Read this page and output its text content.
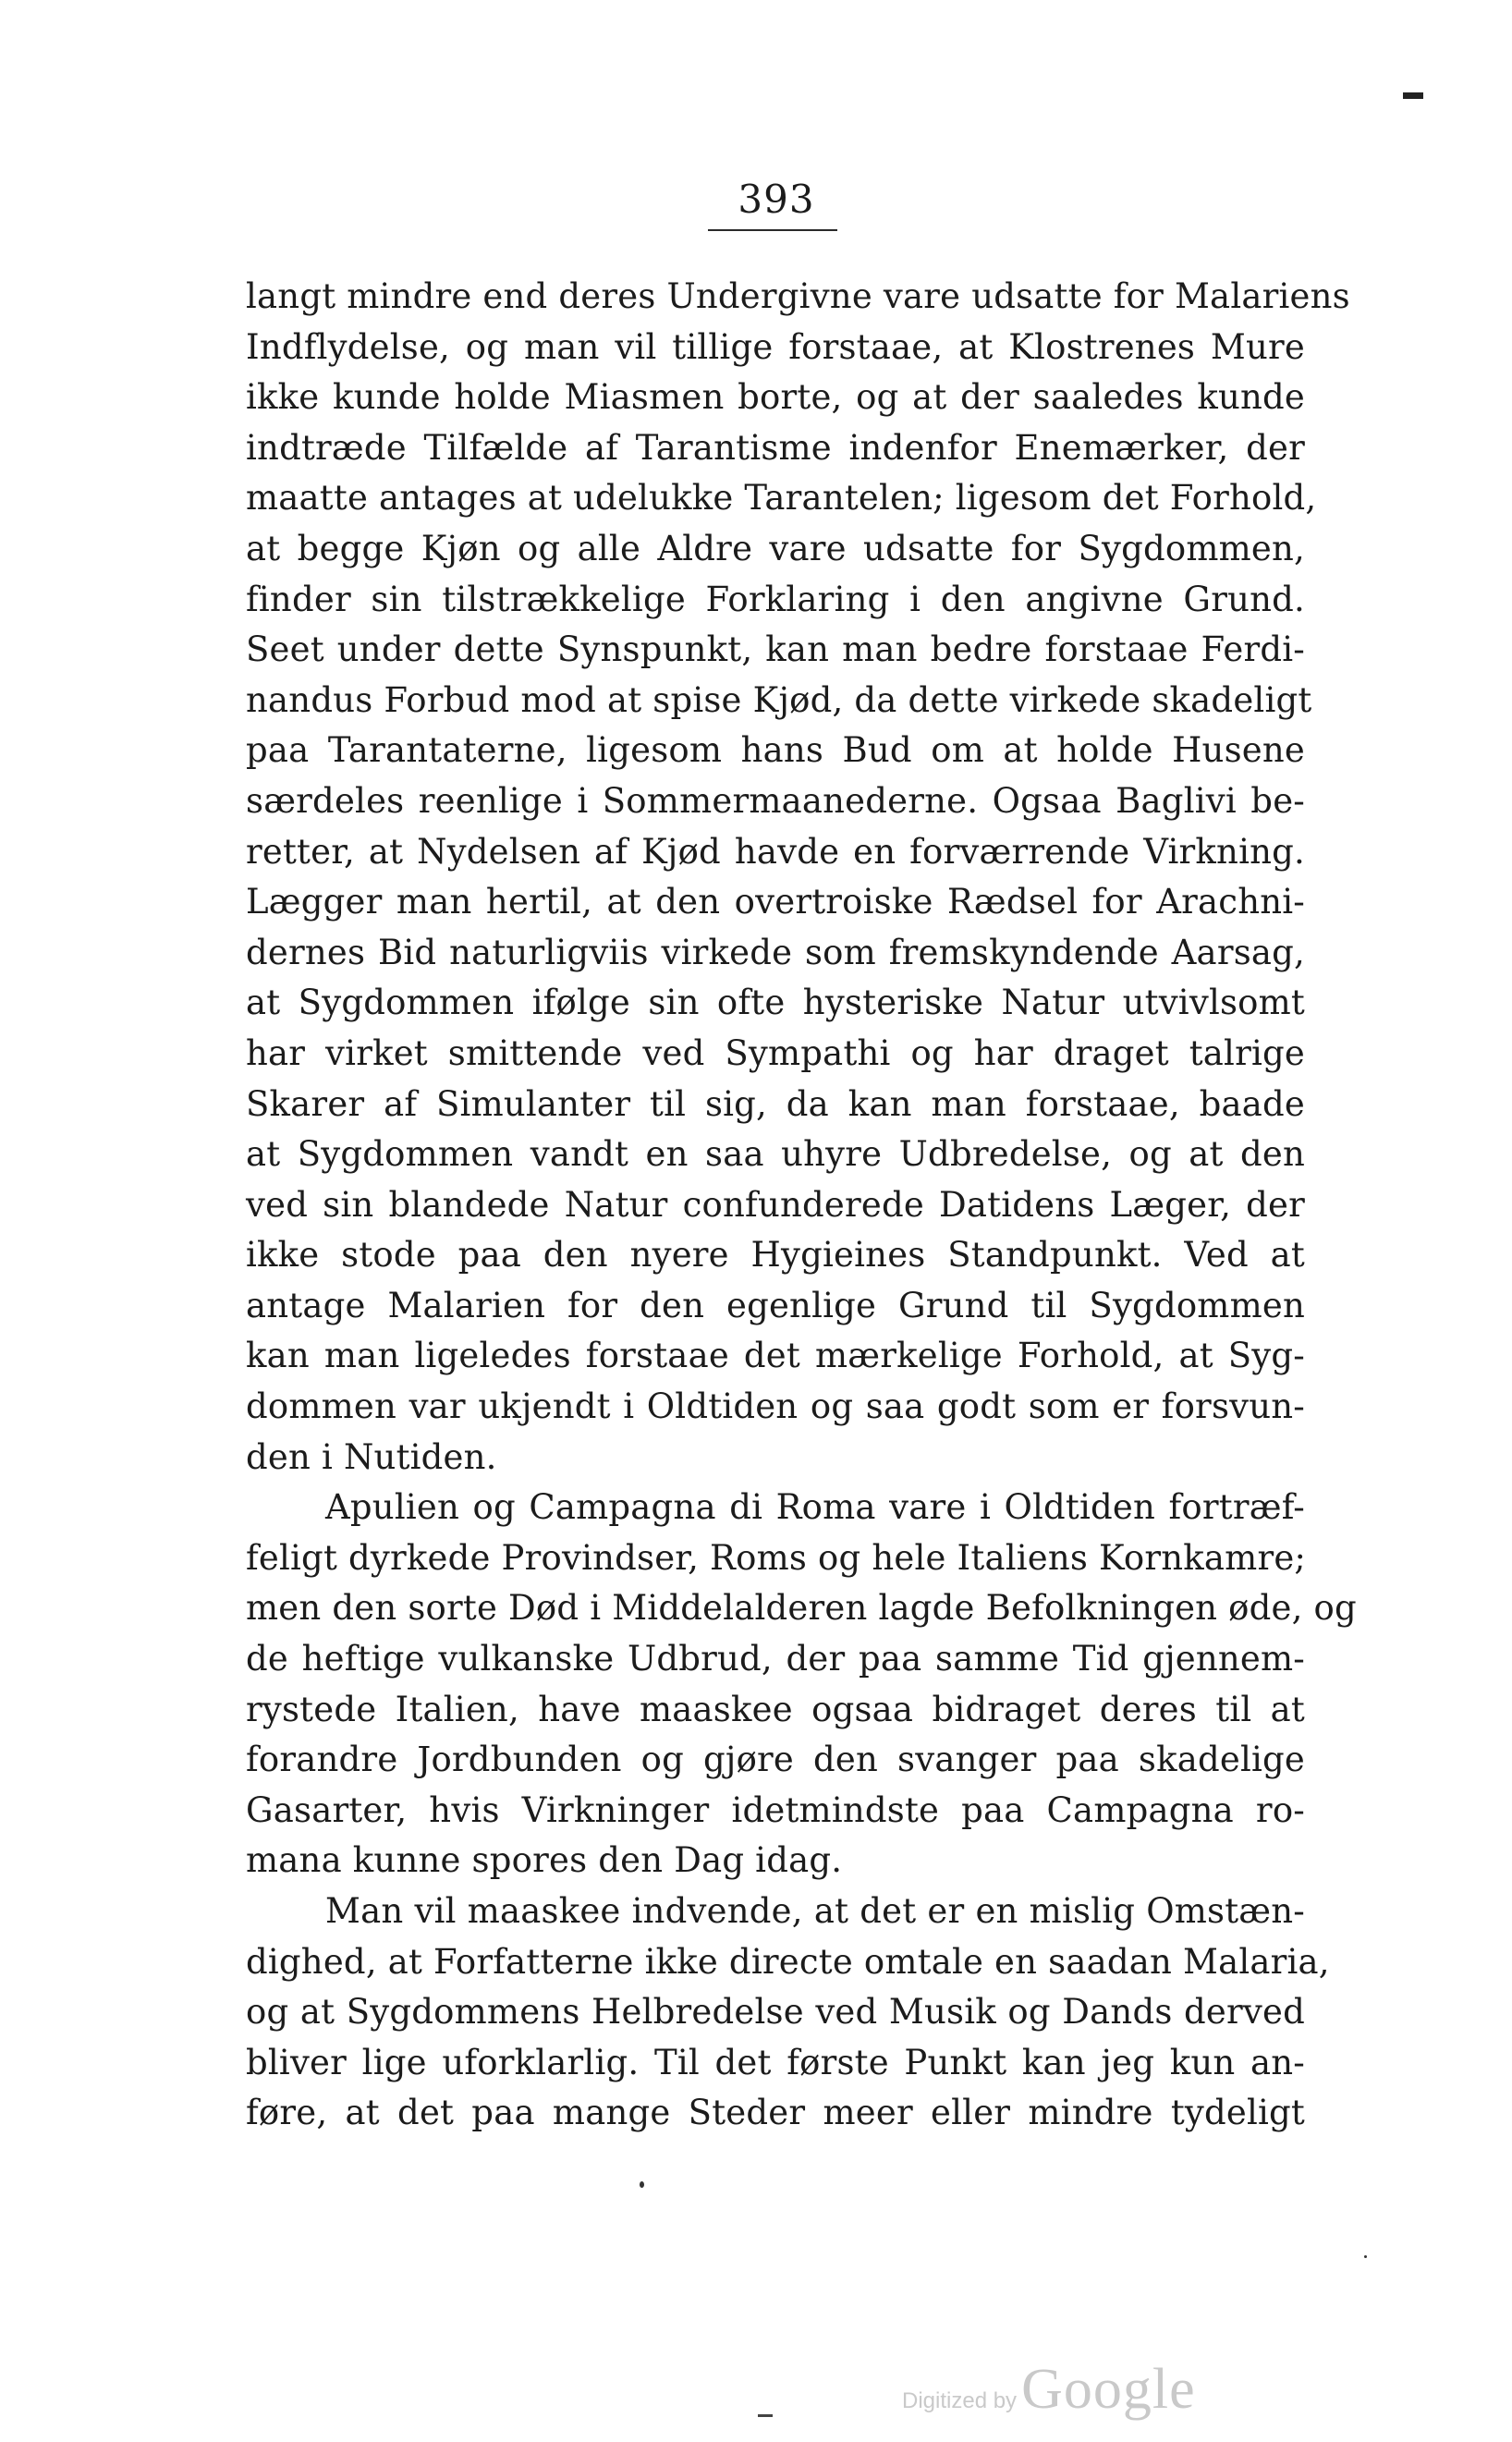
393
langt mindre end deres Undergivne vare udsatte for Malariens
Indflydelse, og man vil tillige forstaae, at Klostrenes Mure
ikke kunde holde Miasmen borte, og at der saaledes kunde
indtræde Tilfælde af Tarantisme indenfor Enemærker, der
maatte antages at udelukke Tarantelen; ligesom det Forhold,
at begge Kjøn og alle Aldre vare udsatte for Sygdommen,
finder sin tilstrækkelige Forklaring i den angivne Grund.
Seet under dette Synspunkt, kan man bedre forstaae Ferdi-
nandus Forbud mod at spise Kjød, da dette virkede skadeligt
paa Tarantaterne, ligesom hans Bud om at holde Husene
særdeles reenlige i Sommermaanederne. Ogsaa Baglivi be-
retter, at Nydelsen af Kjød havde en forværrende Virkning.
Lægger man hertil, at den overtroiske Rædsel for Arachni-
dernes Bid naturligviis virkede som fremskyndende Aarsag,
at Sygdommen ifølge sin ofte hysteriske Natur utvivlsomt
har virket smittende ved Sympathi og har draget talrige
Skarer af Simulanter til sig, da kan man forstaae, baade
at Sygdommen vandt en saa uhyre Udbredelse, og at den
ved sin blandede Natur confunderede Datidens Læger, der
ikke stode paa den nyere Hygieines Standpunkt. Ved at
antage Malarien for den egenlige Grund til Sygdommen
kan man ligeledes forstaae det mærkelige Forhold, at Syg-
dommen var ukjendt i Oldtiden og saa godt som er forsvun-
den i Nutiden.
Apulien og Campagna di Roma vare i Oldtiden fortræf-
feligt dyrkede Provindser, Roms og hele Italiens Kornkamre;
men den sorte Død i Middelalderen lagde Befolkningen øde, og
de heftige vulkanske Udbrud, der paa samme Tid gjennem-
rystede Italien, have maaskee ogsaa bidraget deres til at
forandre Jordbunden og gjøre den svanger paa skadelige
Gasarter, hvis Virkninger idetmindste paa Campagna ro-
mana kunne spores den Dag idag.
Man vil maaskee indvende, at det er en mislig Omstæn-
dighed, at Forfatterne ikke directe omtale en saadan Malaria,
og at Sygdommens Helbredelse ved Musik og Dands derved
bliver lige uforklarlig. Til det første Punkt kan jeg kun an-
føre, at det paa mange Steder meer eller mindre tydeligt
Digitized by Google
